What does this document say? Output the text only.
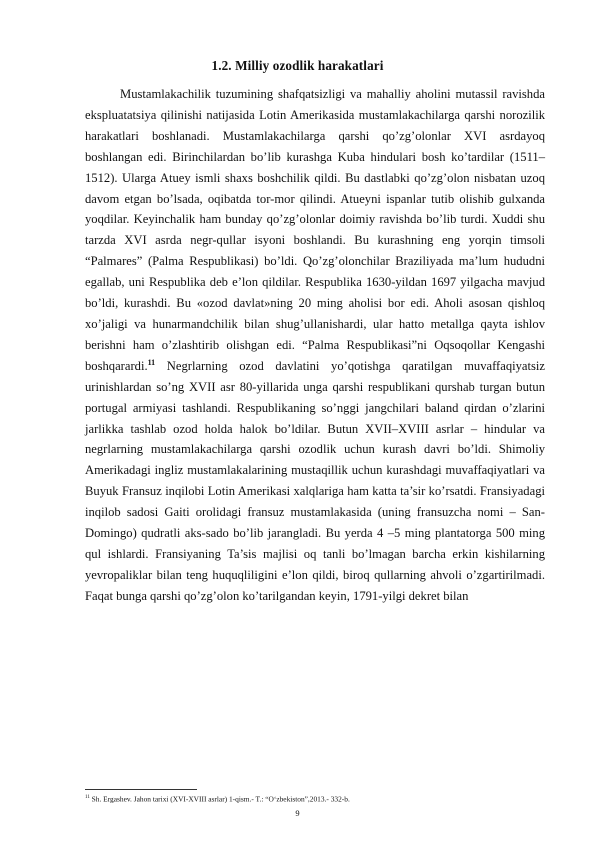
1.2. Milliy ozodlik harakatlari

Mustamlakachilik tuzumining shafqatsizligi va mahalliy aholini mutassil ravishda ekspluatatsiya qilinishi natijasida Lotin Amerikasida mustamlakachilarga qarshi norozilik harakatlari boshlanadi. Mustamlakachilarga qarshi qo’zg’olonlar XVI asrdayoq boshlangan edi. Birinchilardan bo’lib kurashga Kuba hindulari bosh ko’tardilar (1511–1512). Ularga Atuey ismli shaxs boshchilik qildi. Bu dastlabki qo’zg’olon nisbatan uzoq davom etgan bo’lsada, oqibatda tor-mor qilindi. Atueyni ispanlar tutib olishib gulxanda yoqdilar. Keyinchalik ham bunday qo’zg’olonlar doimiy ravishda bo’lib turdi. Xuddi shu tarzda XVI asrda negr-qullar isyoni boshlandi. Bu kurashning eng yorqin timsoli “Palmares” (Palma Respublikasi) bo’ldi. Qo’zg’olonchilar Braziliyada ma’lum hududni egallab, uni Respublika deb e’lon qildilar. Respublika 1630-yildan 1697 yilgacha mavjud bo’ldi, kurashdi. Bu «ozod davlat»ning 20 ming aholisi bor edi. Aholi asosan qishloq xo’jaligi va hunarmandchilik bilan shug’ullanishardi, ular hatto metallga qayta ishlov berishni ham o’zlashtirib olishgan edi. “Palma Respublikasi”ni Oqsoqollar Kengashi boshqarardi.$^{11}$ Negrlarning ozod davlatini yo’qotishga qaratilgan muvaffaqiyatsiz urinishlardan so’ng XVII asr 80-yillarida unga qarshi respublikani qurshab turgan butun portugal armiyasi tashlandi. Respublikaning so’nggi jangchilari baland qirdan o’zlarini jarlikka tashlab ozod holda halok bo’ldilar. Butun XVII–XVIII asrlar – hindular va negrlarning mustamlakachilarga qarshi ozodlik uchun kurash davri bo’ldi. Shimoliy Amerikadagi ingliz mustamlakalarining mustaqillik uchun kurashdagi muvaffaqiyatlari va Buyuk Fransuz inqilobi Lotin Amerikasi xalqlariga ham katta ta’sir ko’rsatdi. Fransiyadagi inqilob sadosi Gaiti orolidagi fransuz mustamlakasida (uning fransuzcha nomi – San-Domingo) qudratli aks-sado bo’lib jarangladi. Bu yerda 4 –5 ming plantatorga 500 ming qul ishlardi. Fransiyaning Ta’sis majlisi oq tanli bo’lmagan barcha erkin kishilarning yevropaliklar bilan teng huquqliligini e’lon qildi, biroq qullarning ahvoli o’zgartirilmadi. Faqat bunga qarshi qo’zg’olon ko’tarilgandan keyin, 1791-yilgi dekret bilan

$^{11}$ Sh. Ergashev. Jahon tarixi (XVI-XVIII asrlar) 1-qism.- T.: “O‘zbekiston”,2013.- 332-b.
9
